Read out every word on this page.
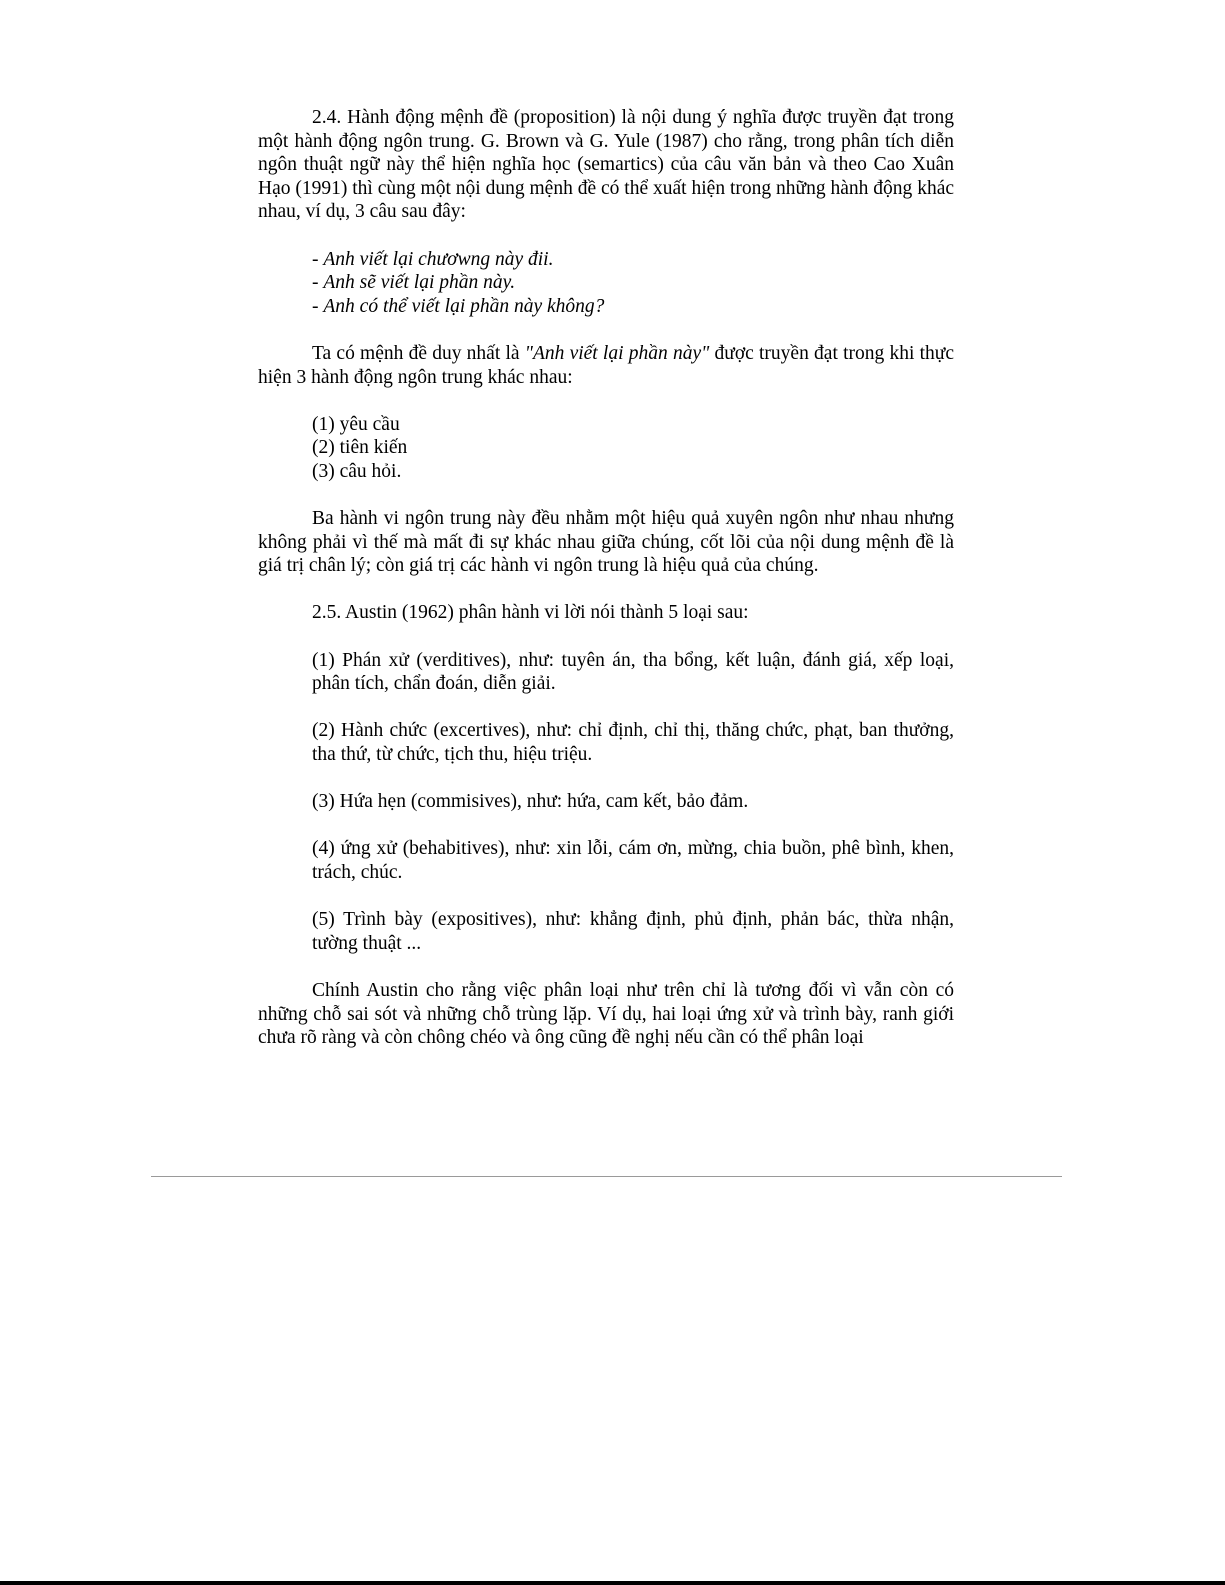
2.4. Hành động mệnh đề (proposition) là nội dung ý nghĩa được truyền đạt trong một hành động ngôn trung. G. Brown và G. Yule (1987) cho rằng, trong phân tích diễn ngôn thuật ngữ này thể hiện nghĩa học (semartics) của câu văn bản và theo Cao Xuân Hạo (1991) thì cùng một nội dung mệnh đề có thể xuất hiện trong những hành động khác nhau, ví dụ, 3 câu sau đây:

- Anh viết lại chươwng này đii.

- Anh sẽ viết lại phần này.

- Anh có thể viết lại phần này không?

Ta có mệnh đề duy nhất là "Anh viết lại phần này" được truyền đạt trong khi thực hiện 3 hành động ngôn trung khác nhau:

(1) yêu cầu

(2) tiên kiến

(3) câu hỏi.

Ba hành vi ngôn trung này đều nhằm một hiệu quả xuyên ngôn như nhau nhưng không phải vì thế mà mất đi sự khác nhau giữa chúng, cốt lõi của nội dung mệnh đề là giá trị chân lý; còn giá trị các hành vi ngôn trung là hiệu quả của chúng.

2.5. Austin (1962) phân hành vi lời nói thành 5 loại sau:

(1) Phán xử (verditives), như: tuyên án, tha bổng, kết luận, đánh giá, xếp loại, phân tích, chẩn đoán, diễn giải.

(2) Hành chức (excertives), như: chỉ định, chỉ thị, thăng chức, phạt, ban thưởng, tha thứ, từ chức, tịch thu, hiệu triệu.

(3) Hứa hẹn (commisives), như: hứa, cam kết, bảo đảm.

(4) ứng xử (behabitives), như: xin lỗi, cám ơn, mừng, chia buồn, phê bình, khen, trách, chúc.

(5) Trình bày (expositives), như: khẳng định, phủ định, phản bác, thừa nhận, tường thuật ...

Chính Austin cho rằng việc phân loại như trên chỉ là tương đối vì vẫn còn có những chỗ sai sót và những chỗ trùng lặp. Ví dụ, hai loại ứng xử và trình bày, ranh giới chưa rõ ràng và còn chông chéo và ông cũng đề nghị nếu cần có thể phân loại
